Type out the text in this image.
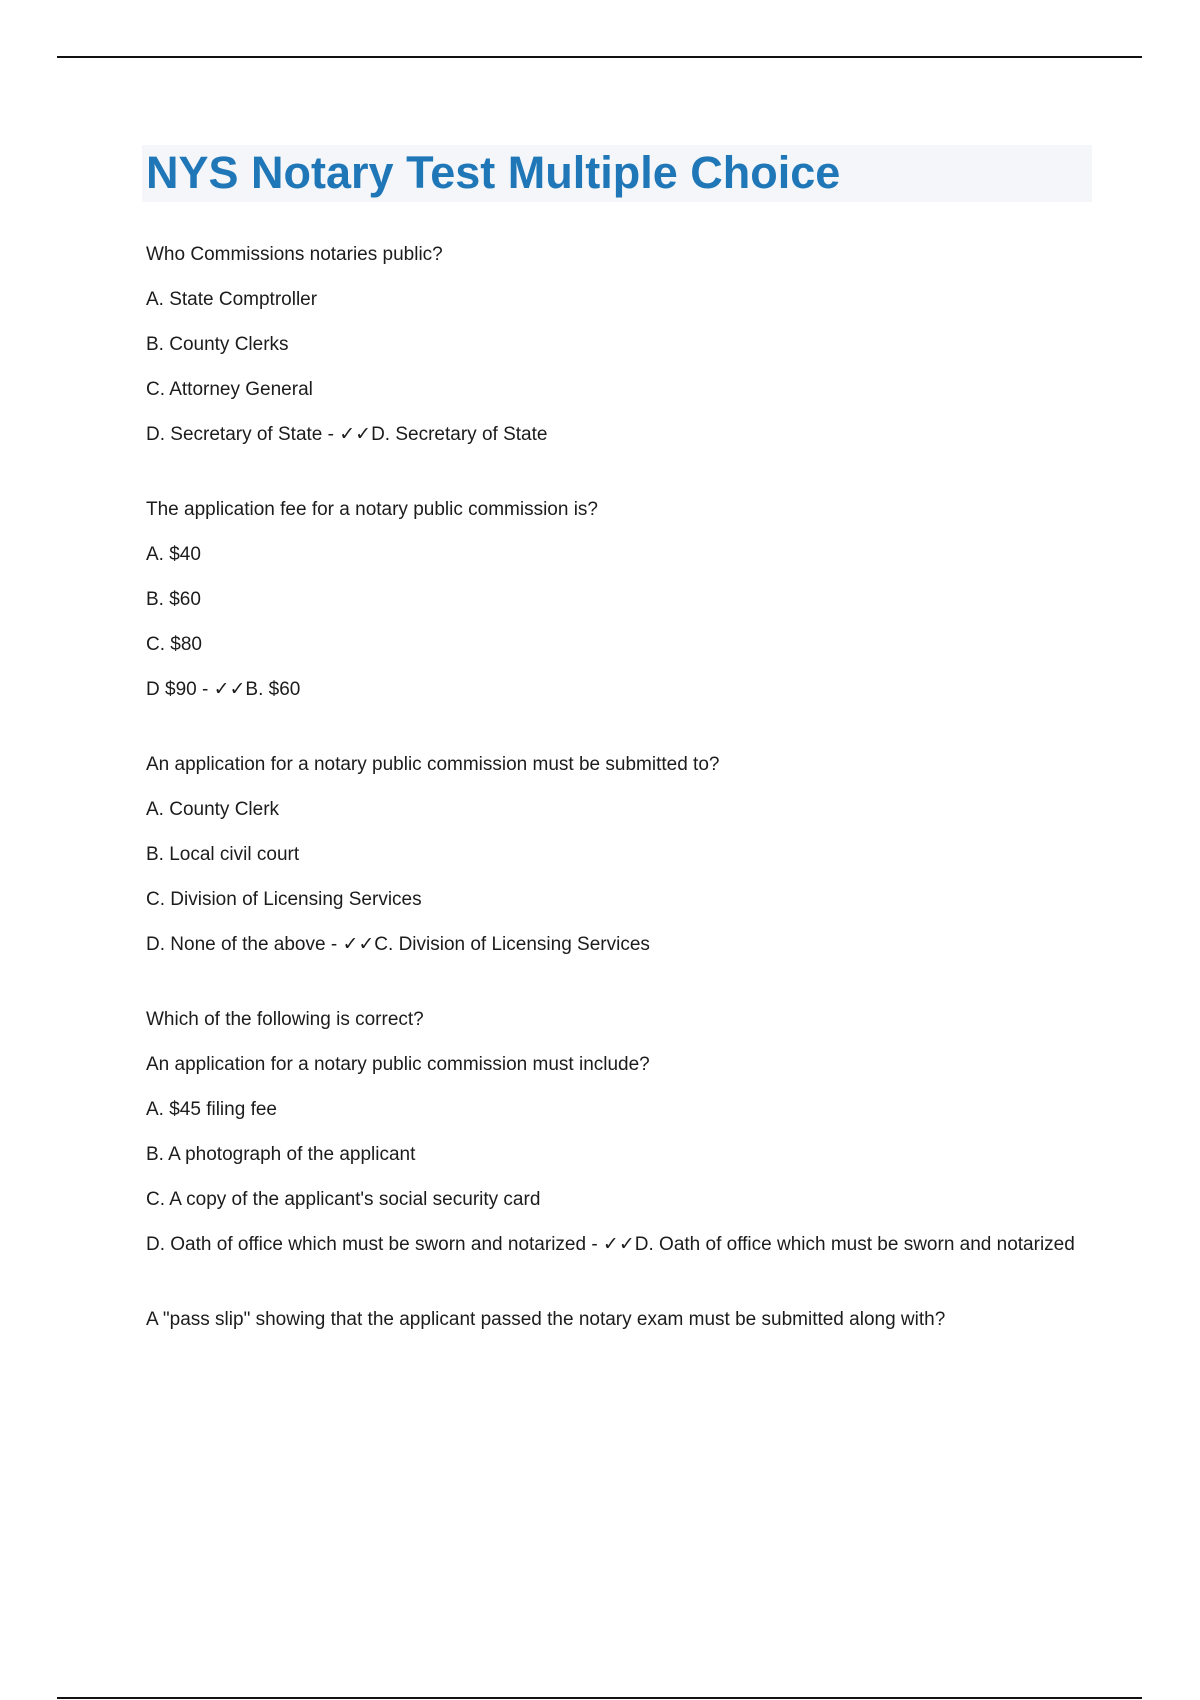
NYS Notary Test Multiple Choice

Who Commissions notaries public?

A. State Comptroller

B. County Clerks

C. Attorney General

D. Secretary of State - ✓✓D. Secretary of State

The application fee for a notary public commission is?

A. $40

B. $60

C. $80

D $90 - ✓✓B. $60

An application for a notary public commission must be submitted to?

A. County Clerk

B. Local civil court

C. Division of Licensing Services

D. None of the above - ✓✓C. Division of Licensing Services

Which of the following is correct?

An application for a notary public commission must include?

A. $45 filing fee

B. A photograph of the applicant

C. A copy of the applicant's social security card

D. Oath of office which must be sworn and notarized - ✓✓D. Oath of office which must be sworn and notarized

A "pass slip" showing that the applicant passed the notary exam must be submitted along with?
